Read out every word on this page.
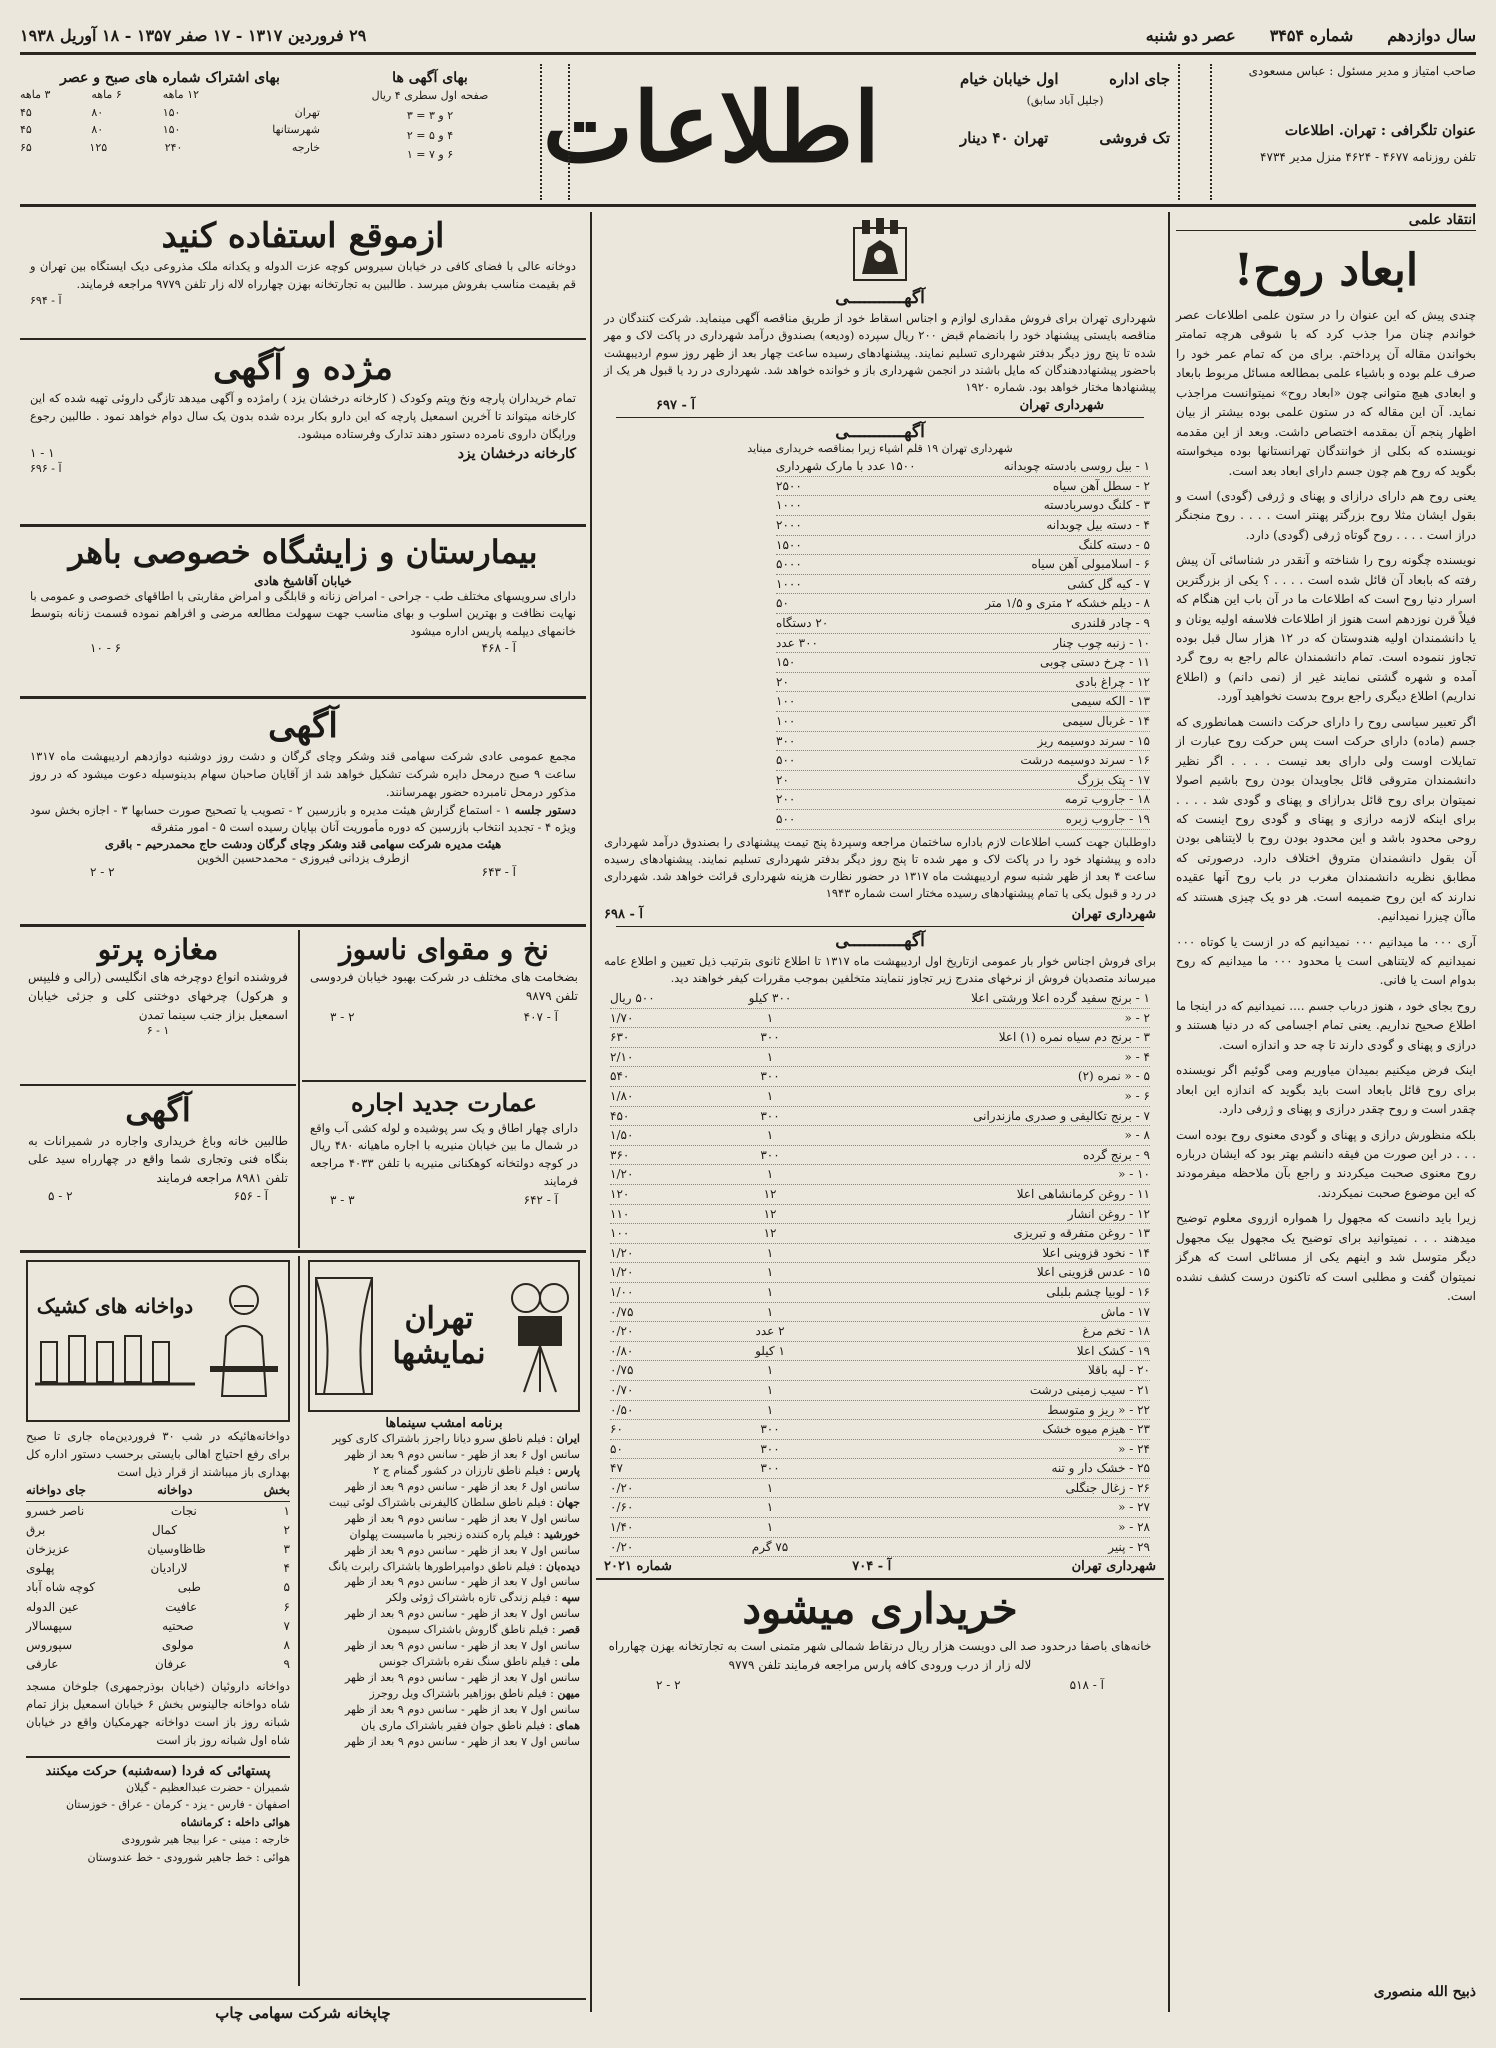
سال دوازدهم
شماره ۳۴۵۴
عصر دو شنبه
۲۹ فروردین ۱۳۱۷ - ۱۷ صفر ۱۳۵۷ - ۱۸ آوریل ۱۹۳۸
صاحب امتیاز و مدیر مسئول : عباس مسعودی
عنوان تلگرافی : تهران. اطلاعات
تلفن روزنامه ۴۶۷۷ - ۴۶۲۴ منزل مدیر ۴۷۳۴
جای اداره
اول خیابان خیام
(جلیل آباد سابق)
تک فروشی
تهران ۴۰ دینار
اطلاعات
بهای آگهی ها
صفحه اول سطری ۴ ریال
۲ و ۳ = ۳
۴ و ۵ = ۲
۶ و ۷ = ۱
بهای اشتراک شماره های صبح و عصر
۱۲ ماهه
۶ ماهه
۳ ماهه
تهران
۱۵۰
۸۰
۴۵
شهرستانها
۱۵۰
۸۰
۴۵
خارجه
۲۴۰
۱۲۵
۶۵
انتقاد علمی
ابعاد روح!

چندی پیش که این عنوان را در ستون علمی اطلاعات عصر خواندم چنان مرا جذب کرد که با شوقی هرچه تمامتر بخواندن مقاله آن پرداختم. برای من که تمام عمر خود را صرف علم بوده و باشیاء علمی بمطالعه مسائل مربوط بابعاد و ابعادی هیچ متوانی چون «ابعاد روح» نمیتوانست مراجذب نماید. آن این مقاله که در ستون علمی بوده بیشتر از بیان اظهار پنجم آن بمقدمه اختصاص داشت. وبعد از این مقدمه نویسنده که بکلی از خوانندگان تهرانستانها بوده میخواسته بگوید که روح هم چون جسم دارای ابعاد بعد است.

یعنی روح هم دارای درازای و پهنای و ژرفی (گودی) است و بقول ایشان مثلا روح بزرگتر پهنتر است . . . . روح منجنگر دراز است . . . . روح گوتاه ژرفی (گودی) دارد.

نویسنده چگونه روح را شناخته و آنقدر در شناسائی آن پیش رفته که بابعاد آن قائل شده است . . . . ؟ یکی از بزرگترین اسرار دنیا روح است که اطلاعات ما در آن باب این هنگام که فیلاً قرن نوزدهم است هنوز از اطلاعات فلاسفه اولیه یونان و یا دانشمندان اولیه هندوستان که در ۱۲ هزار سال قبل بوده تجاوز ننموده است. تمام دانشمندان عالم راجع به روح گرد آمده و شهره گشتی نمایند غیر از (نمی دانم) و (اطلاع نداریم) اطلاع دیگری راجع بروح بدست نخواهید آورد.

اگر تعبیر سیاسی روح را دارای حرکت دانست همانطوری که جسم (ماده) دارای حرکت است پس حرکت روح عبارت از تمایلات اوست ولی دارای بعد نیست . . . . اگر نظیر دانشمندان متروقی قائل بجاویدان بودن روح باشیم اصولا نمیتوان برای روح قائل بدرازای و پهنای و گودی شد . . . . برای اینکه لازمه درازی و پهنای و گودی روح اینست که روحی محدود باشد و این محدود بودن روح با لایتناهی بودن آن بقول دانشمندان متروق اختلاف دارد. درصورتی که مطابق نظریه دانشمندان مغرب در باب روح آنها عقیده ندارند که این روح ضمیمه است. هر دو یک چیزی هستند که ماآن چیزرا نمیدانیم.

آری ۰۰۰ ما میدانیم ۰۰۰ نمیدانیم که در ازست یا کوتاه ۰۰۰ نمیدانیم که لایتناهی است یا محدود ۰۰۰ ما میدانیم که روح بدوام است یا فانی.

روح بجای خود ، هنوز درباب جسم .... نمیدانیم که در اینجا ما اطلاع صحیح نداریم. یعنی تمام اجسامی که در دنیا هستند و درازی و پهنای و گودی دارند تا چه حد و اندازه است.

اینک فرض میکنیم بمیدان میاوریم ومی گوئیم اگر نویسنده برای روح قائل بابعاد است باید بگوید که اندازه این ابعاد چقدر است و روح چقدر درازی و پهنای و ژرفی دارد.

بلکه منظورش درازی و پهنای و گودی معنوی روح بوده است . . . در این صورت من فیقه دانشم بهتر بود که ایشان درباره روح معنوی صحبت میکردند و راجع بآن ملاحظه میفرمودند که این موضوع صحبت نمیکردند.

زیرا باید دانست که مجهول را همواره ازروی معلوم توضیح میدهند . . . نمیتوانید برای توضیح یک مجهول بیک مجهول دیگر متوسل شد و اینهم یکی از مسائلی است که هرگز نمیتوان گفت و مطلبی است که تاکنون درست کشف نشده است.

ذبیح الله منصوری
آگهـــــــــــی
شهرداری تهران برای فروش مقداری لوازم و اجناس اسقاط خود از طریق مناقصه آگهی مینماید. شرکت کنندگان در مناقصه بایستی پیشنهاد خود را بانضمام قبض ۲۰۰ ریال سپرده (ودیعه) بصندوق درآمد شهرداری در پاکت لاک و مهر شده تا پنج روز دیگر بدفتر شهرداری تسلیم نمایند. پیشنهادهای رسیده ساعت چهار بعد از ظهر روز سوم اردیبهشت باحضور پیشنهاددهندگان که مایل باشند در انجمن شهرداری باز و خوانده خواهد شد. شهرداری در رد یا قبول هر یک از پیشنهادها مختار خواهد بود. شماره ۱۹۲۰
شهرداری تهران
آ - ۶۹۷
آگهـــــــــــی
شهرداری تهران ۱۹ قلم اشیاء زیرا بمناقصه خریداری میناید
۱ - بیل روسی بادسته چوبدانه
۱۵۰۰ عدد با مارک شهرداری
۲ - سطل آهن سیاه
۲۵۰۰
۳ - کلنگ دوسربادسته
۱۰۰۰
۴ - دسته بیل چوبدانه
۲۰۰۰
۵ - دسته کلنگ
۱۵۰۰
۶ - اسلامبولی آهن سیاه
۵۰۰۰
۷ - کیه گل کشی
۱۰۰۰
۸ - دیلم خشکه ۲ متری و ۱/۵ متر
۵۰
۹ - چادر قلندری
۲۰ دستگاه
۱۰ - زنبه چوب چنار
۳۰۰ عدد
۱۱ - چرخ دستی چوبی
۱۵۰
۱۲ - چراغ بادی
۲۰
۱۳ - الکه سیمی
۱۰۰
۱۴ - غربال سیمی
۱۰۰
۱۵ - سرند دوسیمه ریز
۳۰۰
۱۶ - سرند دوسیمه درشت
۵۰۰
۱۷ - پتک بزرگ
۲۰
۱۸ - جاروب ترمه
۲۰۰
۱۹ - جاروب زبره
۵۰۰
داوطلبان جهت کسب اطلاعات لازم باداره ساختمان مراجعه وسپردهٔ پنج تیمت پیشنهادی را بصندوق درآمد شهرداری داده و پیشنهاد خود را در پاکت لاک و مهر شده تا پنج روز دیگر بدفتر شهرداری تسلیم نمایند. پیشنهادهای رسیده ساعت ۴ بعد از ظهر شنبه سوم اردیبهشت ماه ۱۳۱۷ در حضور نظارت هزینه شهرداری قرائت خواهد شد. شهرداری در رد و قبول یکی یا تمام پیشنهادهای رسیده مختار است شماره ۱۹۴۳
شهرداری تهران
آ - ۶۹۸
آگهـــــــــــی
برای فروش اجناس خوار بار عمومی ازتاریخ اول اردیبهشت ماه ۱۳۱۷ تا اطلاع ثانوی بترتیب ذیل تعیین و اطلاع عامه میرساند متصدیان فروش از نرخهای مندرج زیر تجاوز ننمایند متخلفین بموجب مقررات کیفر خواهند دید.
۱ - برنج سفید گرده اعلا ورشتی اعلا
۳۰۰ کیلو
۵۰۰ ریال
۲ - «
۱
۱/۷۰
۳ - برنج دم سیاه نمره (۱) اعلا
۳۰۰
۶۳۰
۴ - «
۱
۲/۱۰
۵ - « نمره (۲)
۳۰۰
۵۴۰
۶ - «
۱
۱/۸۰
۷ - برنج تکالیفی و صدری مازندرانی
۳۰۰
۴۵۰
۸ - «
۱
۱/۵۰
۹ - برنج گرده
۳۰۰
۳۶۰
۱۰ - «
۱
۱/۲۰
۱۱ - روغن کرمانشاهی اعلا
۱۲
۱۲۰
۱۲ - روغن انشار
۱۲
۱۱۰
۱۳ - روغن متفرقه و تبریزی
۱۲
۱۰۰
۱۴ - نخود قزوینی اعلا
۱
۱/۲۰
۱۵ - عدس قزوینی اعلا
۱
۱/۲۰
۱۶ - لوبیا چشم بلبلی
۱
۱/۰۰
۱۷ - ماش
۱
۰/۷۵
۱۸ - تخم مرغ
۲ عدد
۰/۲۰
۱۹ - کشک اعلا
۱ کیلو
۰/۸۰
۲۰ - لپه باقلا
۱
۰/۷۵
۲۱ - سیب زمینی درشت
۱
۰/۷۰
۲۲ - « ریز و متوسط
۱
۰/۵۰
۲۳ - هیزم میوه خشک
۳۰۰
۶۰
۲۴ - «
۳۰۰
۵۰
۲۵ - خشک دار و تنه
۳۰۰
۴۷
۲۶ - زغال جنگلی
۱
۰/۲۰
۲۷ - «
۱
۰/۶۰
۲۸ - «
۱
۱/۴۰
۲۹ - پنیر
۷۵ گرم
۰/۲۰
شهرداری تهران
آ - ۷۰۴
شماره ۲۰۲۱
خریداری میشود
خانه‌های باصفا درحدود صد الی دویست هزار ریال درنقاط شمالی شهر متمنی است به تجارتخانه بهزن چهارراه لاله زار از درب ورودی کافه پارس مراجعه فرمایند تلفن ۹۷۷۹
آ - ۵۱۸
۲ - ۲
ازموقع استفاده کنید
دوخانه عالی با فضای کافی در خیابان سیروس کوچه عزت الدوله و یکدانه ملک مذروعی دیک ایستگاه بین تهران و قم بقیمت مناسب بفروش میرسد . طالبین به تجارتخانه بهزن چهارراه لاله زار تلفن ۹۷۷۹ مراجعه فرمایند.
آ - ۶۹۴
مژده و آگهی
تمام خریداران پارچه ونخ وپتم وکودک ( کارخانه درخشان یزد ) رامژده و آگهی میدهد تازگی داروئی تهیه شده که این کارخانه میتواند تا آخرین اسمعیل پارچه که این دارو بکار برده شده بدون یک سال دوام خواهد نمود . طالبین رجوع ورایگان داروی نامرده دستور دهند تدارک وفرستاده میشود.
کارخانه درخشان یزد
۱ - ۱
آ - ۶۹۶
بیمارستان و زایشگاه خصوصی باهر
خیابان آقاشیخ هادی
دارای سرویسهای مختلف طب - جراحی - امراض زنانه و قابلگی و امراض مقاربتی با اطاقهای خصوصی و عمومی با نهایت نظافت و بهترین اسلوب و بهای مناسب جهت سهولت مطالعه مرضی و افراهم نموده قسمت زنانه بتوسط خانمهای دیپلمه پاریس اداره میشود
آ - ۴۶۸
۶ - ۱۰
آگهی
مجمع عمومی عادی شرکت سهامی قند وشکر وچای گرگان و دشت روز دوشنبه دوازدهم اردیبهشت ماه ۱۳۱۷ ساعت ۹ صبح درمحل دایره شرکت تشکیل خواهد شد از آقایان صاحبان سهام بدینوسیله دعوت میشود که در روز مذکور درمحل نامبرده حضور بهمرسانند.
دستور جلسه ۱ - استماع گزارش هیئت مدیره و بازرسین ۲ - تصویب یا تصحیح صورت حسابها ۳ - اجازه بخش سود ویژه ۴ - تجدید انتخاب بازرسین که دوره مأموریت آنان بپایان رسیده است ۵ - امور متفرقه
هیئت مدیره شرکت سهامی قند وشکر وچای گرگان ودشت حاج محمدرحیم - باقری
ازطرف یزدانی فیروزی - محمدحسین الخوین
آ - ۶۴۳
۲ - ۲
نخ و مقوای ناسوز
بضخامت های مختلف در شرکت بهبود خیابان فردوسی تلفن ۹۸۷۹
آ - ۴۰۷
۲ - ۳
عمارت جدید اجاره
دارای چهار اطاق و یک سر پوشیده و لوله کشی آب واقع در شمال ما بین خیابان منیریه با اجاره ماهیانه ۴۸۰ ریال در کوچه دولتخانه کوهکنانی منیریه با تلفن ۴۰۳۳ مراجعه فرمایند
آ - ۶۴۲
۳ - ۳
مغازه پرتو
فروشنده انواع دوچرخه های انگلیسی (رالی و فلیپس و هرکول) چرخهای دوختنی کلی و جزئی خیابان اسمعیل بزاز جنب سینما تمدن
۱ - ۶
آگهی
طالبین خانه وباغ خریداری واجاره در شمیرانات به بنگاه فنی وتجاری شما واقع در چهارراه سید علی تلفن ۸۹۸۱ مراجعه فرمایند
آ - ۶۵۶
۲ - ۵
دواخانه های کشیک
دواخانه‌هائیکه در شب ۳۰ فروردین‌ماه جاری تا صبح برای رفع احتیاج اهالی بایستی برحسب دستور اداره کل بهداری باز میباشند از قرار ذیل است
بخش
دواخانه
جای دواخانه
۱
نجات
ناصر خسرو
۲
کمال
برق
۳
ظاظاوسیان
عزیزخان
۴
لارادیان
پهلوی
۵
طبی
کوچه شاه آباد
۶
عافیت
عین الدوله
۷
صحتیه
سپهسالار
۸
مولوی
سپوروس
۹
عرفان
عارفی
دواخانه داروئیان (خیابان بوذرجمهری) جلوخان مسجد شاه دواخانه جالینوس بخش ۶ خیابان اسمعیل بزاز تمام شبانه روز باز است دواخانه جهرمکیان واقع در خیابان شاه اول شبانه روز باز است
پستهائی که فردا (سه‌شنبه) حرکت میکنند
شمیران - حضرت عبدالعظیم - گیلان
اصفهان - فارس - یزد - کرمان - عراق - خوزستان
هوائی داخله : کرمانشاه
خارجه : مینی - عرا بیجا هیر شورودی
هوائی : خط جاهیر شورودی - خط عندوستان
تهران نمایشها
برنامه امشب سینماها
ایران : فیلم ناطق سرو دیانا راجرز باشتراک کاری کوپر
سانس اول ۶ بعد از ظهر - سانس دوم ۹ بعد از ظهر
پارس : فیلم ناطق تارزان در کشور گمنام ج ۲
سانس اول ۶ بعد از ظهر - سانس دوم ۹ بعد از ظهر
جهان : فیلم ناطق سلطان کالیفرنی باشتراک لوئی تیبت
سانس اول ۷ بعد از ظهر - سانس دوم ۹ بعد از ظهر
خورشید : فیلم پاره کننده زنجیر با ماسیست پهلوان
سانس اول ۷ بعد از ظهر - سانس دوم ۹ بعد از ظهر
دیده‌بان : فیلم ناطق دوامپراطورها باشتراک رابرت یانگ
سانس اول ۷ بعد از ظهر - سانس دوم ۹ بعد از ظهر
سپه : فیلم زندگی تازه باشتراک ژوئی ولکر
سانس اول ۷ بعد از ظهر - سانس دوم ۹ بعد از ظهر
قصر : فیلم ناطق گاروش باشتراک سیمون
سانس اول ۷ بعد از ظهر - سانس دوم ۹ بعد از ظهر
ملی : فیلم ناطق سنگ نقره باشتراک جونس
سانس اول ۷ بعد از ظهر - سانس دوم ۹ بعد از ظهر
میهن : فیلم ناطق بوزاهیر باشتراک ویل روجرز
سانس اول ۷ بعد از ظهر - سانس دوم ۹ بعد از ظهر
همای : فیلم ناطق جوان فقیر باشتراک ماری یان
سانس اول ۷ بعد از ظهر - سانس دوم ۹ بعد از ظهر
چاپخانه شرکت سهامی چاپ
